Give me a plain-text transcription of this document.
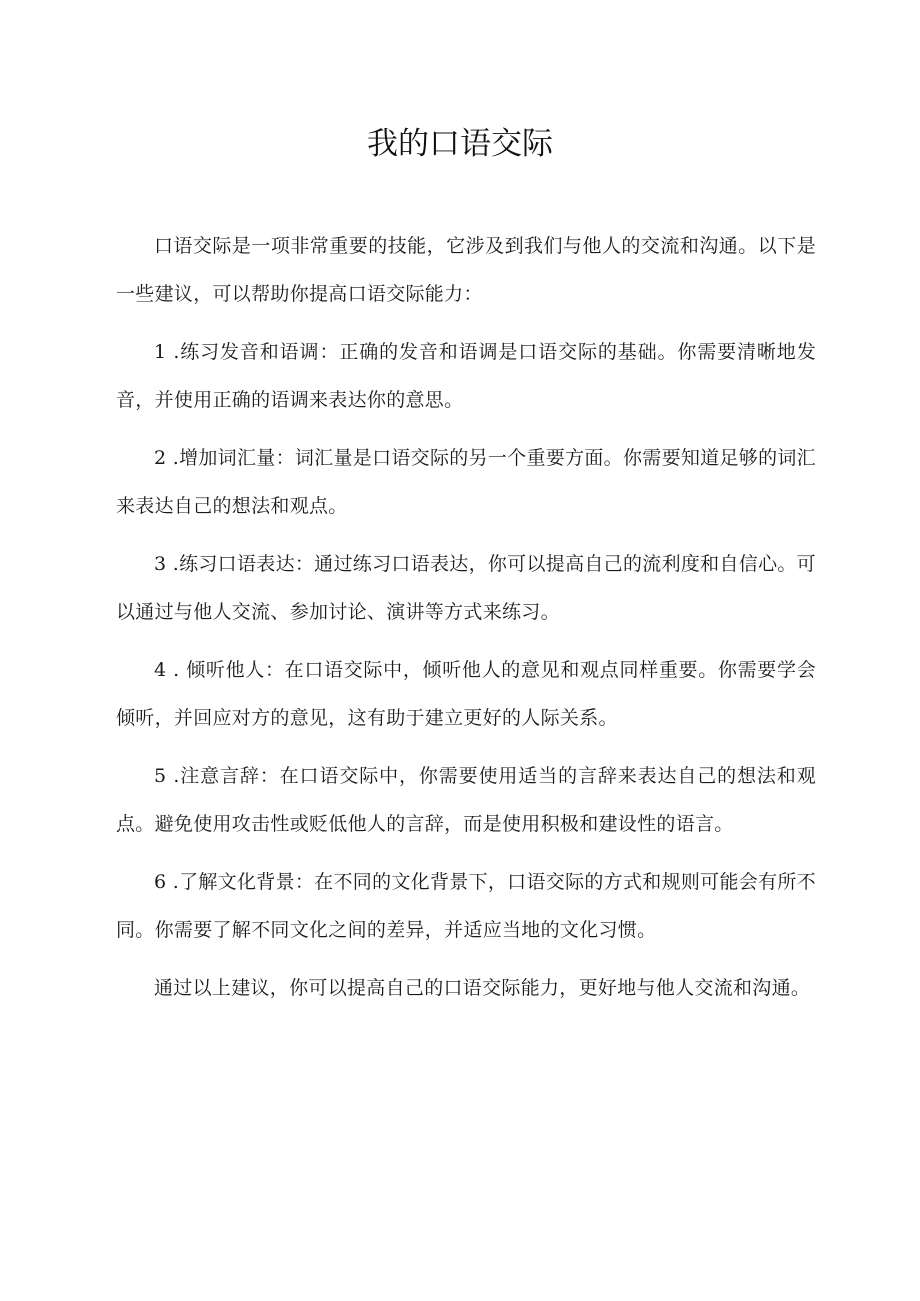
我的口语交际

口语交际是一项非常重要的技能，它涉及到我们与他人的交流和沟通。以下是一些建议，可以帮助你提高口语交际能力：

1 .练习发音和语调：正确的发音和语调是口语交际的基础。你需要清晰地发音，并使用正确的语调来表达你的意思。

2 .增加词汇量：词汇量是口语交际的另一个重要方面。你需要知道足够的词汇来表达自己的想法和观点。

3 .练习口语表达：通过练习口语表达，你可以提高自己的流利度和自信心。可以通过与他人交流、参加讨论、演讲等方式来练习。

4 . 倾听他人：在口语交际中，倾听他人的意见和观点同样重要。你需要学会倾听，并回应对方的意见，这有助于建立更好的人际关系。

5 .注意言辞：在口语交际中，你需要使用适当的言辞来表达自己的想法和观点。避免使用攻击性或贬低他人的言辞，而是使用积极和建设性的语言。

6 .了解文化背景：在不同的文化背景下，口语交际的方式和规则可能会有所不同。你需要了解不同文化之间的差异，并适应当地的文化习惯。

通过以上建议，你可以提高自己的口语交际能力，更好地与他人交流和沟通。
